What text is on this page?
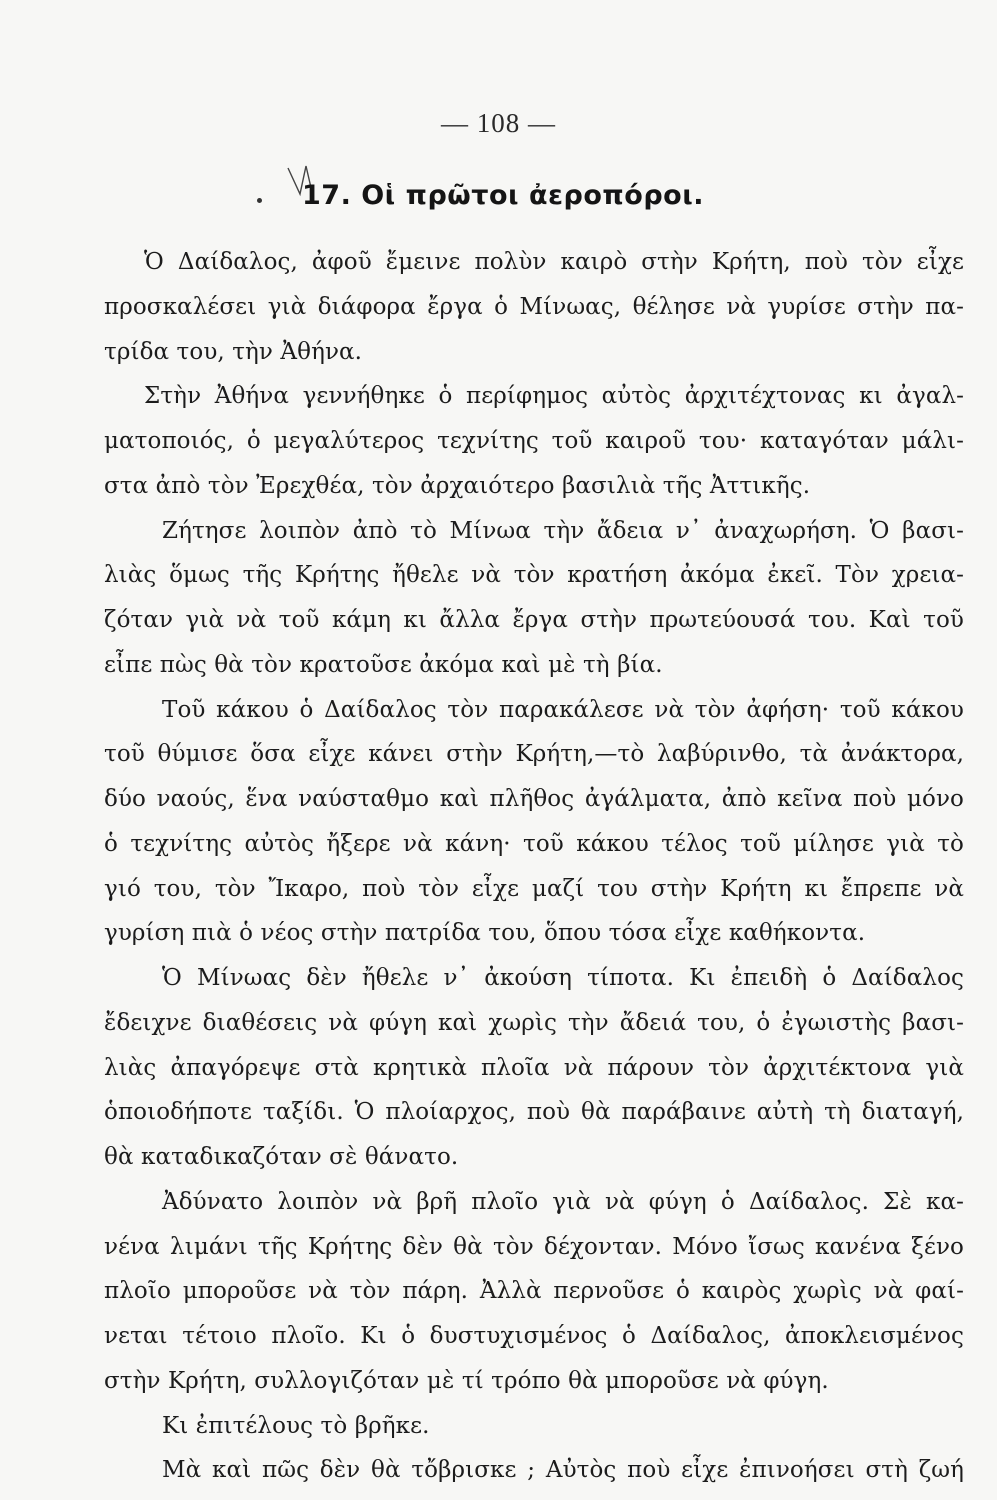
— 108 —
17. Οἱ πρῶτοι ἀεροπόροι.
Ὁ Δαίδαλος, ἀφοῦ ἔμεινε πολὺν καιρὸ στὴν Κρήτη, ποὺ τὸν εἶχε
προσκαλέσει γιὰ διάφορα ἔργα ὁ Μίνωας, θέλησε νὰ γυρίσε στὴν πα-
τρίδα του, τὴν Ἀθήνα.
Στὴν Ἀθήνα γεννήθηκε ὁ περίφημος αὐτὸς ἀρχιτέχτονας κι ἀγαλ-
ματοποιός, ὁ μεγαλύτερος τεχνίτης τοῦ καιροῦ του· καταγόταν μάλι-
στα ἀπὸ τὸν Ἐρεχθέα, τὸν ἀρχαιότερο βασιλιὰ τῆς Ἀττικῆς.
Ζήτησε λοιπὸν ἀπὸ τὸ Μίνωα τὴν ἄδεια ν᾽ ἀναχωρήση. Ὁ βασι-
λιὰς ὅμως τῆς Κρήτης ἤθελε νὰ τὸν κρατήση ἀκόμα ἐκεῖ. Τὸν χρεια-
ζόταν γιὰ νὰ τοῦ κάμη κι ἄλλα ἔργα στὴν πρωτεύουσά του. Καὶ τοῦ
εἶπε πὼς θὰ τὸν κρατοῦσε ἀκόμα καὶ μὲ τὴ βία.
Τοῦ κάκου ὁ Δαίδαλος τὸν παρακάλεσε νὰ τὸν ἀφήση· τοῦ κάκου
τοῦ θύμισε ὅσα εἶχε κάνει στὴν Κρήτη,—τὸ λαβύρινθο, τὰ ἀνάκτορα,
δύο ναούς, ἕνα ναύσταθμο καὶ πλῆθος ἀγάλματα, ἀπὸ κεῖνα ποὺ μόνο
ὁ τεχνίτης αὐτὸς ἤξερε νὰ κάνη· τοῦ κάκου τέλος τοῦ μίλησε γιὰ τὸ
γιό του, τὸν Ἴκαρο, ποὺ τὸν εἶχε μαζί του στὴν Κρήτη κι ἔπρεπε νὰ
γυρίση πιὰ ὁ νέος στὴν πατρίδα του, ὅπου τόσα εἶχε καθήκοντα.
Ὁ Μίνωας δὲν ἤθελε ν᾽ ἀκούση τίποτα. Κι ἐπειδὴ ὁ Δαίδαλος
ἔδειχνε διαθέσεις νὰ φύγη καὶ χωρὶς τὴν ἄδειά του, ὁ ἐγωιστὴς βασι-
λιὰς ἀπαγόρεψε στὰ κρητικὰ πλοῖα νὰ πάρουν τὸν ἀρχιτέκτονα γιὰ
ὁποιοδήποτε ταξίδι. Ὁ πλοίαρχος, ποὺ θὰ παράβαινε αὐτὴ τὴ διαταγή,
θὰ καταδικαζόταν σὲ θάνατο.
Ἀδύνατο λοιπὸν νὰ βρῆ πλοῖο γιὰ νὰ φύγη ὁ Δαίδαλος. Σὲ κα-
νένα λιμάνι τῆς Κρήτης δὲν θὰ τὸν δέχονταν. Μόνο ἴσως κανένα ξένο
πλοῖο μποροῦσε νὰ τὸν πάρη. Ἀλλὰ περνοῦσε ὁ καιρὸς χωρὶς νὰ φαί-
νεται τέτοιο πλοῖο. Κι ὁ δυστυχισμένος ὁ Δαίδαλος, ἀποκλεισμένος
στὴν Κρήτη, συλλογιζόταν μὲ τί τρόπο θὰ μποροῦσε νὰ φύγη.
Κι ἐπιτέλους τὸ βρῆκε.
Μὰ καὶ πῶς δὲν θὰ τὄβρισκε ; Αὐτὸς ποὺ εἶχε ἐπινοήσει στὴ ζωή
